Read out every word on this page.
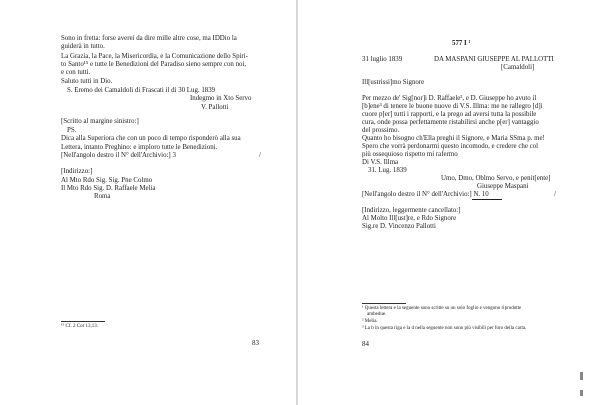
Sono in fretta: forse averei da dire mille altre cose, ma IDDio la
guiderà in tutto.
La Grazia, la Pace, la Misericordia, e la Comunicazione dello Spiri-
to Santo¹⁵ e tutte le Benedizioni del Paradiso sieno sempre con noi,
e con tutti.
Saluto tutti in Dio.
S. Eremo dei Camaldoli di Frascati il di 30 Lug. 1839
Indegmo in Xto Servo
V. Pallotti
[Scritto al margine sinistro:]
PS.
Dica alla Superiora che con un poco di tempo risponderò alla sua
Lettera, intanto Preghino: e imploro tutte le Benedizioni.
[Nell'angolo destro il N° dell'Archivio:] 3	/
[Indirizzo:]
Al Mto Rdo Sig. Sig. Pne Colmo
Il Mto Rdo Sig. D. Raffaele Melia
Roma
¹⁵ Cf. 2 Cor 13,13.
83
577 I ¹
31 luglio 1839	DA MASPANI GIUSEPPE AL PALLOTTI
[Camaldoli]
Ill[ustrissi]mo Signore
Per mezzo de' Sig[nor]i D. Raffaele², e D. Giuseppe ho avuto il
[b]ene³ di tenere le buone nuove di V.S. Illma: me ne rallegro [d]i
cuore p[er] tutti i rapporti, e la prego ad aversi tutta la possibile
cura, onde possa perfettamente ristabilirsi anche p[er] vantaggio
del prossimo.
Quanto ho bisogno ch'Ella preghi il Signore, e Maria SSma p. me!
Spero che vorrà perdonarmi questo incomodo, e credere che col
più ossequioso rispetto mi rafermo
Di V.S. Illma
31. Lug. 1839
Umo, Dmo, Oblmo Servo, e penit[ente]
Giuseppe Maspani
[Nell'angolo destro il N° dell'Archivio:] N. 10	/
[Indirizzo, leggermente cancellato:]
Al Molto Ill[ust]re, e Rdo Signore
Sig.re D. Vincenzo Pallotti
¹ Questa lettera e la seguente sono scritte su un solo foglio e vengono riprodotte
ambedue.
² Melia.
³ La b in questa riga e la d nella seguente non sono più visibili per foro della carta.
84
